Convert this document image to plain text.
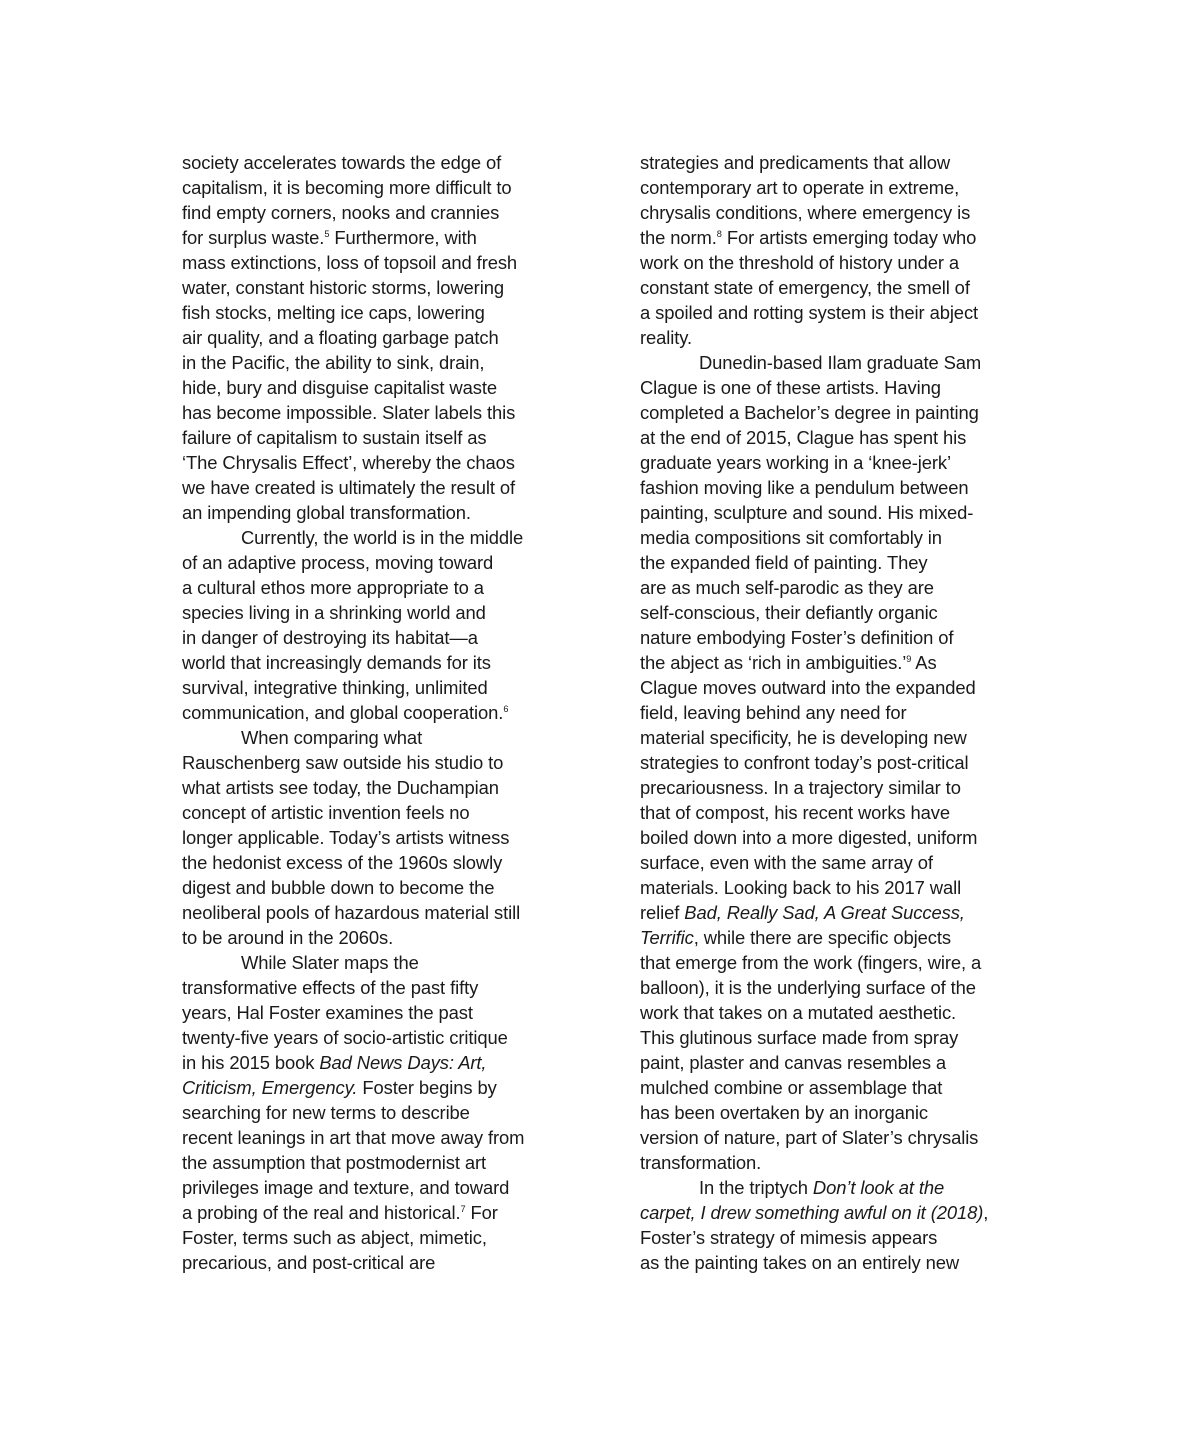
society accelerates towards the edge of
capitalism, it is becoming more difficult to
find empty corners, nooks and crannies
for surplus waste.$^5$ Furthermore, with
mass extinctions, loss of topsoil and fresh
water, constant historic storms, lowering
fish stocks, melting ice caps, lowering
air quality, and a floating garbage patch
in the Pacific, the ability to sink, drain,
hide, bury and disguise capitalist waste
has become impossible. Slater labels this
failure of capitalism to sustain itself as
‘The Chrysalis Effect’, whereby the chaos
we have created is ultimately the result of
an impending global transformation.
Currently, the world is in the middle
of an adaptive process, moving toward
a cultural ethos more appropriate to a
species living in a shrinking world and
in danger of destroying its habitat—a
world that increasingly demands for its
survival, integrative thinking, unlimited
communication, and global cooperation.$^6$
When comparing what
Rauschenberg saw outside his studio to
what artists see today, the Duchampian
concept of artistic invention feels no
longer applicable. Today’s artists witness
the hedonist excess of the 1960s slowly
digest and bubble down to become the
neoliberal pools of hazardous material still
to be around in the 2060s.
While Slater maps the
transformative effects of the past fifty
years, Hal Foster examines the past
twenty-five years of socio-artistic critique
in his 2015 book Bad News Days: Art,
Criticism, Emergency. Foster begins by
searching for new terms to describe
recent leanings in art that move away from
the assumption that postmodernist art
privileges image and texture, and toward
a probing of the real and historical.$^7$ For
Foster, terms such as abject, mimetic,
precarious, and post-critical are
strategies and predicaments that allow
contemporary art to operate in extreme,
chrysalis conditions, where emergency is
the norm.$^8$ For artists emerging today who
work on the threshold of history under a
constant state of emergency, the smell of
a spoiled and rotting system is their abject
reality.
Dunedin-based Ilam graduate Sam
Clague is one of these artists. Having
completed a Bachelor’s degree in painting
at the end of 2015, Clague has spent his
graduate years working in a ‘knee-jerk’
fashion moving like a pendulum between
painting, sculpture and sound. His mixed-
media compositions sit comfortably in
the expanded field of painting. They
are as much self-parodic as they are
self-conscious, their defiantly organic
nature embodying Foster’s definition of
the abject as ‘rich in ambiguities.’$^9$ As
Clague moves outward into the expanded
field, leaving behind any need for
material specificity, he is developing new
strategies to confront today’s post-critical
precariousness. In a trajectory similar to
that of compost, his recent works have
boiled down into a more digested, uniform
surface, even with the same array of
materials. Looking back to his 2017 wall
relief Bad, Really Sad, A Great Success,
Terrific, while there are specific objects
that emerge from the work (fingers, wire, a
balloon), it is the underlying surface of the
work that takes on a mutated aesthetic.
This glutinous surface made from spray
paint, plaster and canvas resembles a
mulched combine or assemblage that
has been overtaken by an inorganic
version of nature, part of Slater’s chrysalis
transformation.
In the triptych Don’t look at the
carpet, I drew something awful on it (2018),
Foster’s strategy of mimesis appears
as the painting takes on an entirely new
